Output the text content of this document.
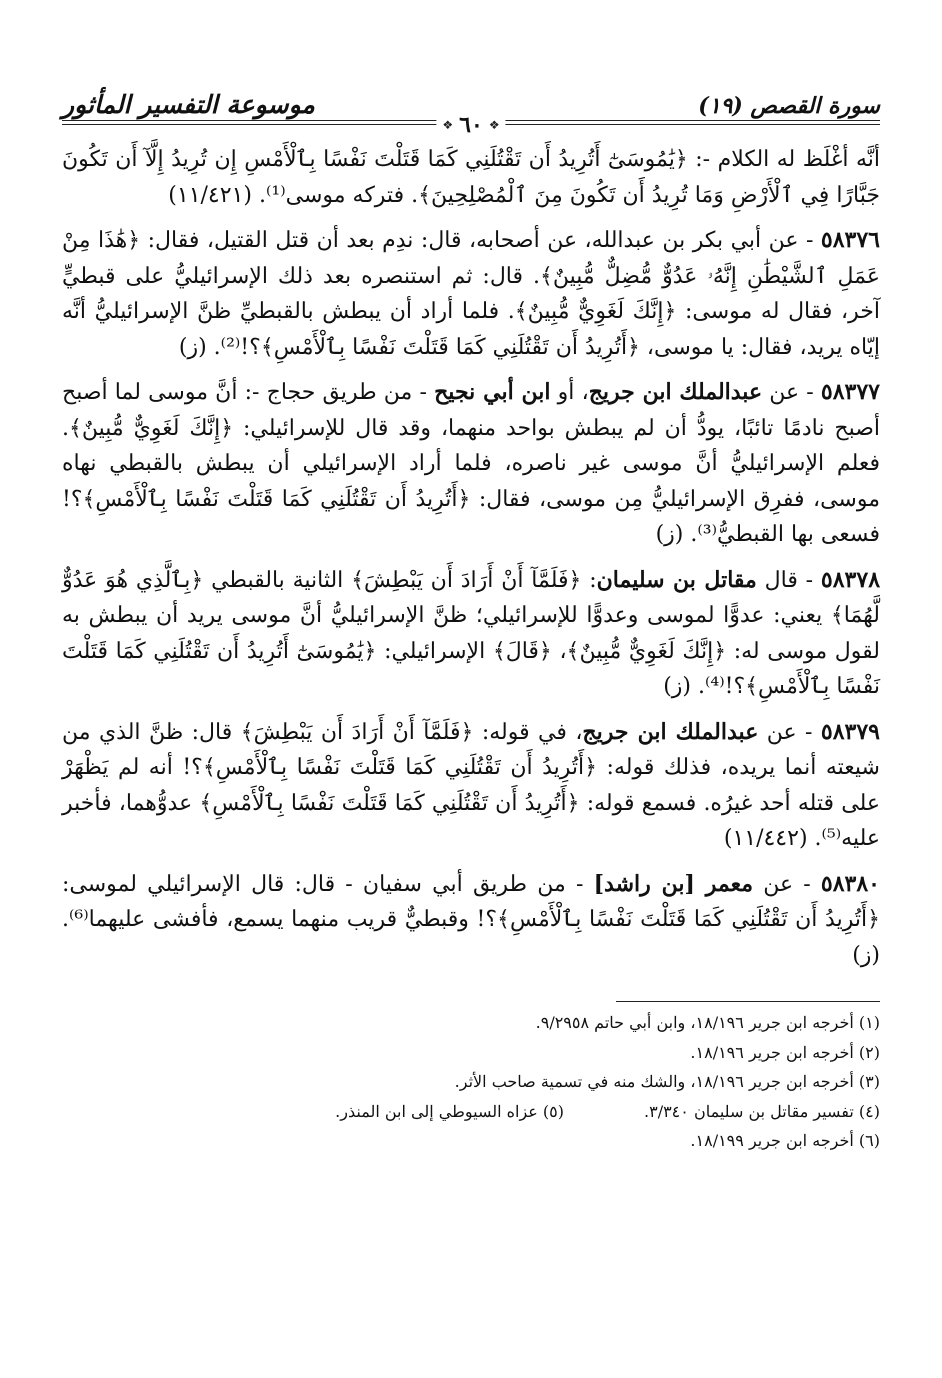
سورة القصص (١٩)
موسوعة التفسير المأثور
❖
٦٠
❖

أنَّه أغْلَظ له الكلام -: ﴿يَٰمُوسَىٰٓ أَتُرِيدُ أَن تَقْتُلَنِي كَمَا قَتَلْتَ نَفْسًا بِٱلْأَمْسِ إِن تُرِيدُ إِلَّآ أَن تَكُونَ جَبَّارًا فِي ٱلْأَرْضِ وَمَا تُرِيدُ أَن تَكُونَ مِنَ ٱلْمُصْلِحِينَ﴾. فتركه موسى⁽¹⁾. (١١/٤٢١)

٥٨٣٧٦ - عن أبي بكر بن عبدالله، عن أصحابه، قال: ندِم بعد أن قتل القتيل، فقال: ﴿هَٰذَا مِنْ عَمَلِ ٱلشَّيْطَٰنِ إِنَّهُۥ عَدُوٌّ مُّضِلٌّ مُّبِينٌ﴾. قال: ثم استنصره بعد ذلك الإسرائيليُّ على قبطيٍّ آخر، فقال له موسى: ﴿إِنَّكَ لَغَوِيٌّ مُّبِينٌ﴾. فلما أراد أن يبطش بالقبطيِّ ظنَّ الإسرائيليُّ أنَّه إيّاه يريد، فقال: يا موسى، ﴿أَتُرِيدُ أَن تَقْتُلَنِي كَمَا قَتَلْتَ نَفْسًا بِٱلْأَمْسِ﴾؟!⁽²⁾. (ز)

٥٨٣٧٧ - عن عبدالملك ابن جريج، أو ابن أبي نجيح - من طريق حجاج -: أنَّ موسى لما أصبح أصبح نادمًا تائبًا، يودُّ أن لم يبطش بواحد منهما، وقد قال للإسرائيلي: ﴿إِنَّكَ لَغَوِيٌّ مُّبِينٌ﴾. فعلم الإسرائيليُّ أنَّ موسى غير ناصره، فلما أراد الإسرائيلي أن يبطش بالقبطي نهاه موسى، ففرِق الإسرائيليُّ مِن موسى، فقال: ﴿أَتُرِيدُ أَن تَقْتُلَنِي كَمَا قَتَلْتَ نَفْسًا بِٱلْأَمْسِ﴾؟! فسعى بها القبطيُّ⁽³⁾. (ز)

٥٨٣٧٨ - قال مقاتل بن سليمان: ﴿فَلَمَّآ أَنْ أَرَادَ أَن يَبْطِشَ﴾ الثانية بالقبطي ﴿بِٱلَّذِي هُوَ عَدُوٌّ لَّهُمَا﴾ يعني: عدوًّا لموسى وعدوًّا للإسرائيلي؛ ظنَّ الإسرائيليُّ أنَّ موسى يريد أن يبطش به لقول موسى له: ﴿إِنَّكَ لَغَوِيٌّ مُّبِينٌ﴾، ﴿قَالَ﴾ الإسرائيلي: ﴿يَٰمُوسَىٰٓ أَتُرِيدُ أَن تَقْتُلَنِي كَمَا قَتَلْتَ نَفْسًا بِٱلْأَمْسِ﴾؟!⁽⁴⁾. (ز)

٥٨٣٧٩ - عن عبدالملك ابن جريج، في قوله: ﴿فَلَمَّآ أَنْ أَرَادَ أَن يَبْطِشَ﴾ قال: ظنَّ الذي من شيعته أنما يريده، فذلك قوله: ﴿أَتُرِيدُ أَن تَقْتُلَنِي كَمَا قَتَلْتَ نَفْسًا بِٱلْأَمْسِ﴾؟! أنه لم يَظْهَرْ على قتله أحد غيرُه. فسمع قوله: ﴿أَتُرِيدُ أَن تَقْتُلَنِي كَمَا قَتَلْتَ نَفْسًا بِٱلْأَمْسِ﴾ عدوُّهما، فأخبر عليه⁽⁵⁾. (١١/٤٤٢)

٥٨٣٨٠ - عن معمر [بن راشد] - من طريق أبي سفيان - قال: قال الإسرائيلي لموسى: ﴿أَتُرِيدُ أَن تَقْتُلَنِي كَمَا قَتَلْتَ نَفْسًا بِٱلْأَمْسِ﴾؟! وقبطيٌّ قريب منهما يسمع، فأفشى عليهما⁽⁶⁾. (ز)

(١) أخرجه ابن جرير ١٨/١٩٦، وابن أبي حاتم ٩/٢٩٥٨.
(٢) أخرجه ابن جرير ١٨/١٩٦.
(٣) أخرجه ابن جرير ١٨/١٩٦، والشك منه في تسمية صاحب الأثر.
(٤) تفسير مقاتل بن سليمان ٣/٣٤٠.
(٥) عزاه السيوطي إلى ابن المنذر.
(٦) أخرجه ابن جرير ١٨/١٩٩.
